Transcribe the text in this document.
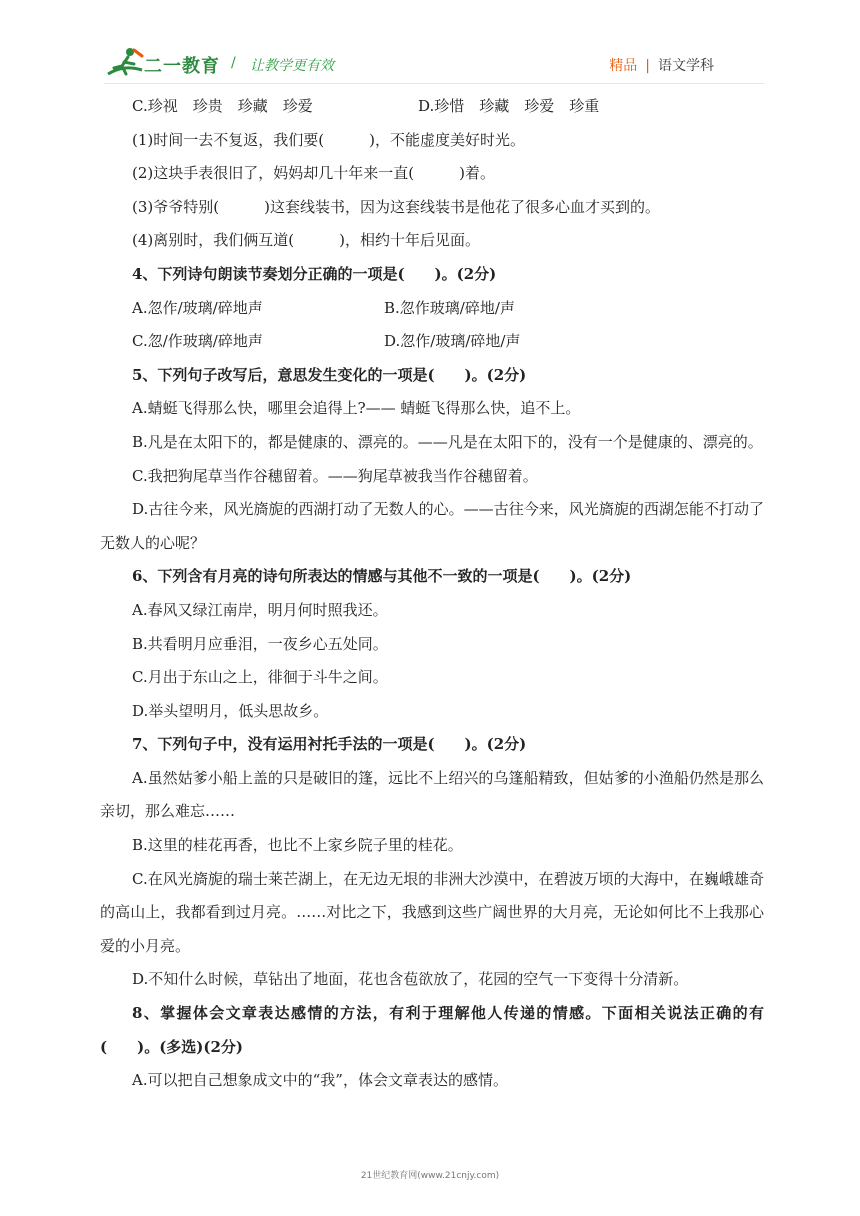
二一教育 / 让教学更有效	精品 | 语文学科
C.珍视　珍贵　珍藏　珍爱	D.珍惜　珍藏　珍爱　珍重
(1)时间一去不复返，我们要(　　　)，不能虚度美好时光。
(2)这块手表很旧了，妈妈却几十年来一直(　　　)着。
(3)爷爷特别(　　　)这套线装书，因为这套线装书是他花了很多心血才买到的。
(4)离别时，我们俩互道(　　　)，相约十年后见面。
4、下列诗句朗读节奏划分正确的一项是(　　)。(2分)
A.忽作/玻璃/碎地声	B.忽作玻璃/碎地/声
C.忽/作玻璃/碎地声	D.忽作/玻璃/碎地/声
5、下列句子改写后，意思发生变化的一项是(　　)。(2分)
A.蜻蜓飞得那么快，哪里会追得上?—— 蜻蜓飞得那么快，追不上。
B.凡是在太阳下的，都是健康的、漂亮的。——凡是在太阳下的，没有一个是健康的、漂亮的。
C.我把狗尾草当作谷穗留着。——狗尾草被我当作谷穗留着。
D.古往今来，风光旖旎的西湖打动了无数人的心。——古往今来，风光旖旎的西湖怎能不打动了无数人的心呢？
6、下列含有月亮的诗句所表达的情感与其他不一致的一项是(　　)。(2分)
A.春风又绿江南岸，明月何时照我还。
B.共看明月应垂泪，一夜乡心五处同。
C.月出于东山之上，徘徊于斗牛之间。
D.举头望明月，低头思故乡。
7、下列句子中，没有运用衬托手法的一项是(　　)。(2分)
A.虽然姑爹小船上盖的只是破旧的篷，远比不上绍兴的乌篷船精致，但姑爹的小渔船仍然是那么亲切，那么难忘……
B.这里的桂花再香，也比不上家乡院子里的桂花。
C.在风光旖旎的瑞士莱芒湖上，在无边无垠的非洲大沙漠中，在碧波万顷的大海中，在巍峨雄奇的高山上，我都看到过月亮。……对比之下，我感到这些广阔世界的大月亮，无论如何比不上我那心爱的小月亮。
D.不知什么时候，草钻出了地面，花也含苞欲放了，花园的空气一下变得十分清新。
8、掌握体会文章表达感情的方法，有利于理解他人传递的情感。下面相关说法正确的有(　　)。(多选)(2分)
A.可以把自己想象成文中的“我”，体会文章表达的感情。
21世纪教育网(www.21cnjy.com)
